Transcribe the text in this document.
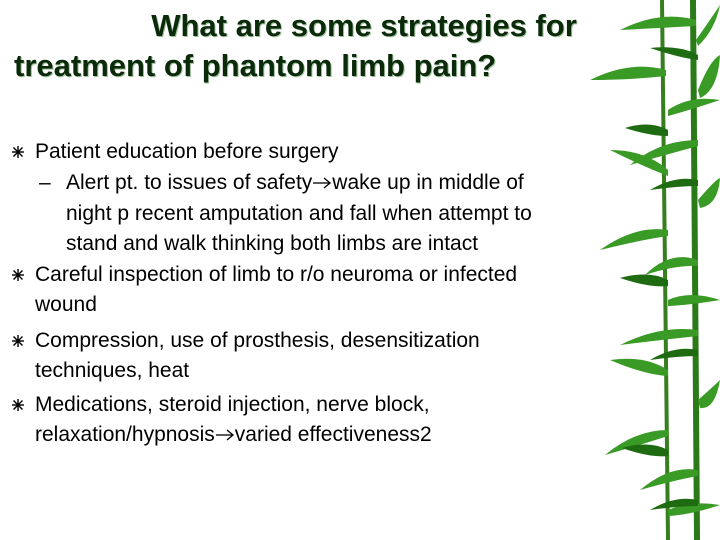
What are some strategies for
treatment of phantom limb pain?
Patient education before surgery
– Alert pt. to issues of safety wake up in middle of
night p recent amputation and fall when attempt to
stand and walk thinking both limbs are intact
Careful inspection of limb to r/o neuroma or infected
wound
Compression, use of prosthesis, desensitization
techniques, heat
Medications, steroid injection, nerve block,
relaxation/hypnosis varied effectiveness2
